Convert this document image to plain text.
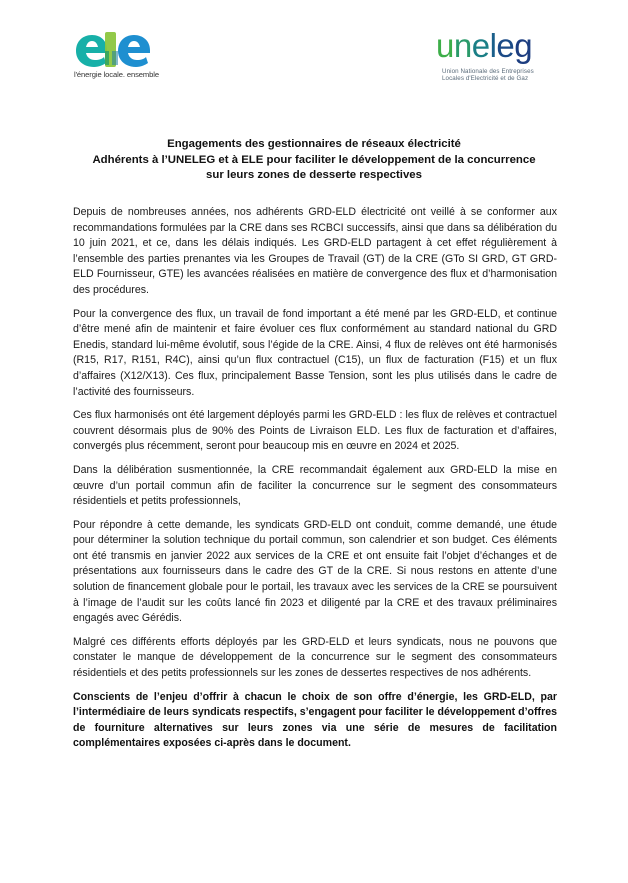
l'énergie locale. ensemble
uneleg
Union Nationale des Entreprises
Locales d'Electricité et de Gaz
Engagements des gestionnaires de réseaux électricité
Adhérents à l’UNELEG et à ELE pour faciliter le développement de la concurrence
sur leurs zones de desserte respectives

Depuis de nombreuses années, nos adhérents GRD-ELD électricité ont veillé à se conformer aux recommandations formulées par la CRE dans ses RCBCI successifs, ainsi que dans sa délibération du 10 juin 2021, et ce, dans les délais indiqués. Les GRD-ELD partagent à cet effet régulièrement à l’ensemble des parties prenantes via les Groupes de Travail (GT) de la CRE (GTo SI GRD, GT GRD-ELD Fournisseur, GTE) les avancées réalisées en matière de convergence des flux et d’harmonisation des procédures.

Pour la convergence des flux, un travail de fond important a été mené par les GRD-ELD, et continue d’être mené afin de maintenir et faire évoluer ces flux conformément au standard national du GRD Enedis, standard lui-même évolutif, sous l’égide de la CRE. Ainsi, 4 flux de relèves ont été harmonisés (R15, R17, R151, R4C), ainsi qu’un flux contractuel (C15), un flux de facturation (F15) et un flux d’affaires (X12/X13). Ces flux, principalement Basse Tension, sont les plus utilisés dans le cadre de l’activité des fournisseurs.

Ces flux harmonisés ont été largement déployés parmi les GRD-ELD : les flux de relèves et contractuel couvrent désormais plus de 90% des Points de Livraison ELD. Les flux de facturation et d’affaires, convergés plus récemment, seront pour beaucoup mis en œuvre en 2024 et 2025.

Dans la délibération susmentionnée, la CRE recommandait également aux GRD-ELD la mise en œuvre d’un portail commun afin de faciliter la concurrence sur le segment des consommateurs résidentiels et petits professionnels,

Pour répondre à cette demande, les syndicats GRD-ELD ont conduit, comme demandé, une étude pour déterminer la solution technique du portail commun, son calendrier et son budget. Ces éléments ont été transmis en janvier 2022 aux services de la CRE et ont ensuite fait l’objet d’échanges et de présentations aux fournisseurs dans le cadre des GT de la CRE. Si nous restons en attente d’une solution de financement globale pour le portail, les travaux avec les services de la CRE se poursuivent à l’image de l’audit sur les coûts lancé fin 2023 et diligenté par la CRE et des travaux préliminaires engagés avec Gérédis.

Malgré ces différents efforts déployés par les GRD-ELD et leurs syndicats, nous ne pouvons que constater le manque de développement de la concurrence sur le segment des consommateurs résidentiels et des petits professionnels sur les zones de dessertes respectives de nos adhérents.

Conscients de l’enjeu d’offrir à chacun le choix de son offre d’énergie, les GRD-ELD, par l’intermédiaire de leurs syndicats respectifs, s’engagent pour faciliter le développement d’offres de fourniture alternatives sur leurs zones via une série de mesures de facilitation complémentaires exposées ci-après dans le document.
